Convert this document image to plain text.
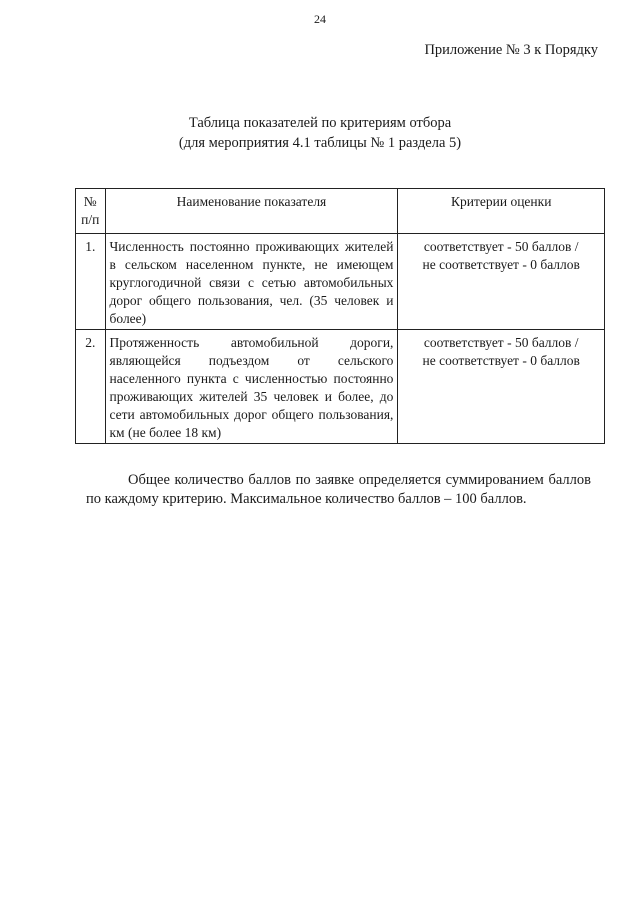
24
Приложение № 3 к Порядку
Таблица показателей по критериям отбора
(для мероприятия 4.1 таблицы № 1 раздела 5)
№
п/п	Наименование показателя	Критерии оценки
1.	Численность постоянно проживающих жителей в сельском населенном пункте, не имеющем круглогодичной связи с сетью автомобильных дорог общего пользования, чел. (35 человек и более)	соответствует - 50 баллов /
не соответствует - 0 баллов

2.	Протяженность автомобильной дороги, являющейся подъездом от сельского населенного пункта с численностью постоянно проживающих жителей 35 человек и более, до сети автомобильных дорог общего пользования, км (не более 18 км)	соответствует - 50 баллов /
не соответствует - 0 баллов

Общее количество баллов по заявке определяется суммированием баллов по каждому критерию. Максимальное количество баллов – 100 баллов.
